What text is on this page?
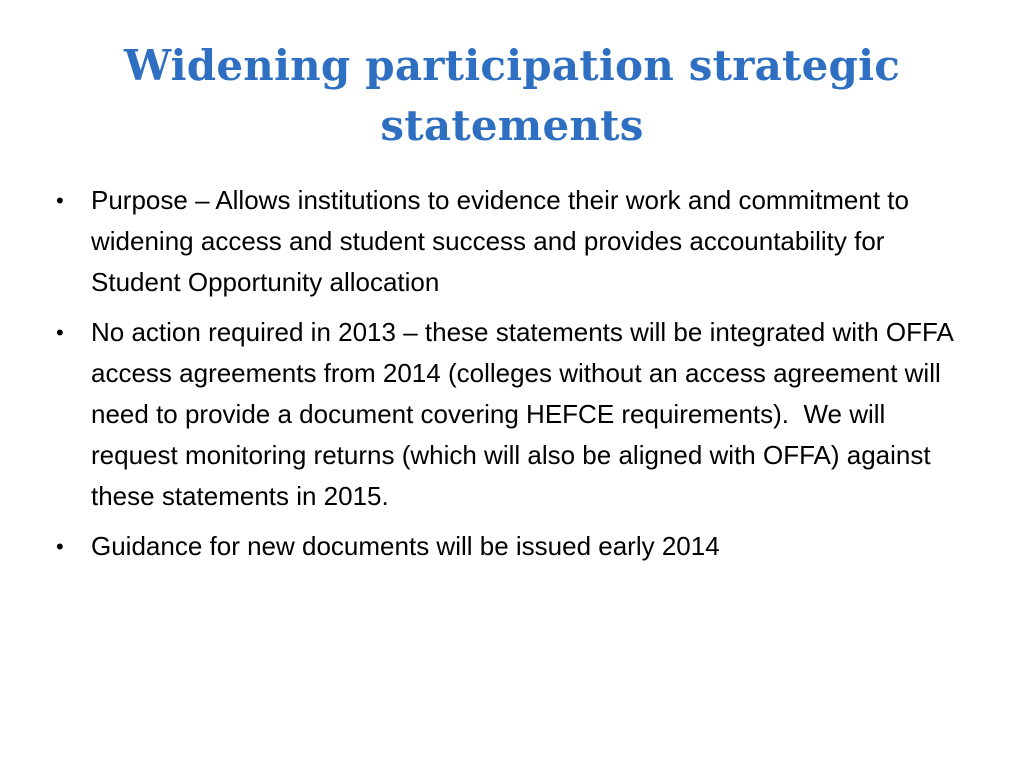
Widening participation strategic statements
•	Purpose – Allows institutions to evidence their work and commitment to widening access and student success and provides accountability for Student Opportunity allocation
•	No action required in 2013 – these statements will be integrated with OFFA access agreements from 2014 (colleges without an access agreement will need to provide a document covering HEFCE requirements).  We will request monitoring returns (which will also be aligned with OFFA) against these statements in 2015.
•	Guidance for new documents will be issued early 2014
